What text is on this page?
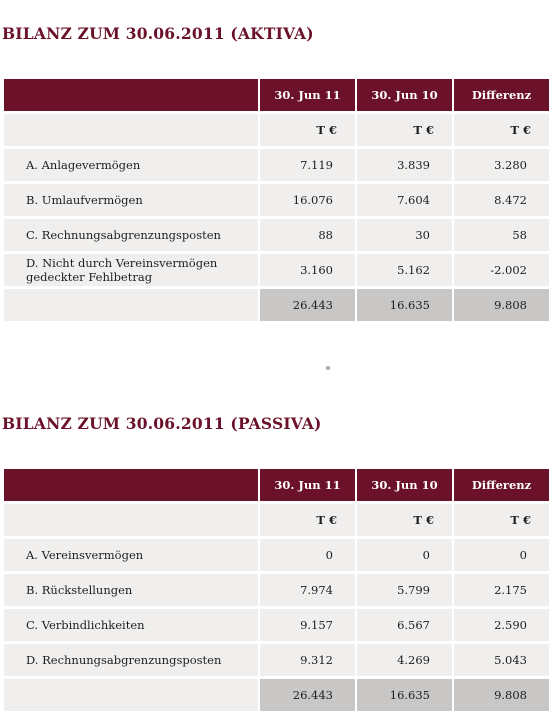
BILANZ ZUM 30.06.2011 (AKTIVA)
	30. Jun 11	30. Jun 10	Differenz
	T €	T €	T €
A. Anlagevermögen	7.119	3.839	3.280
B. Umlaufvermögen	16.076	7.604	8.472
C. Rechnungsabgrenzungsposten	88	30	58
D. Nicht durch Vereinsvermögen gedeckter Fehlbetrag	3.160	5.162	-2.002
	26.443	16.635	9.808
BILANZ ZUM 30.06.2011 (PASSIVA)
	30. Jun 11	30. Jun 10	Differenz
	T €	T €	T €
A. Vereinsvermögen	0	0	0
B. Rückstellungen	7.974	5.799	2.175
C. Verbindlichkeiten	9.157	6.567	2.590
D. Rechnungsabgrenzungsposten	9.312	4.269	5.043
	26.443	16.635	9.808
